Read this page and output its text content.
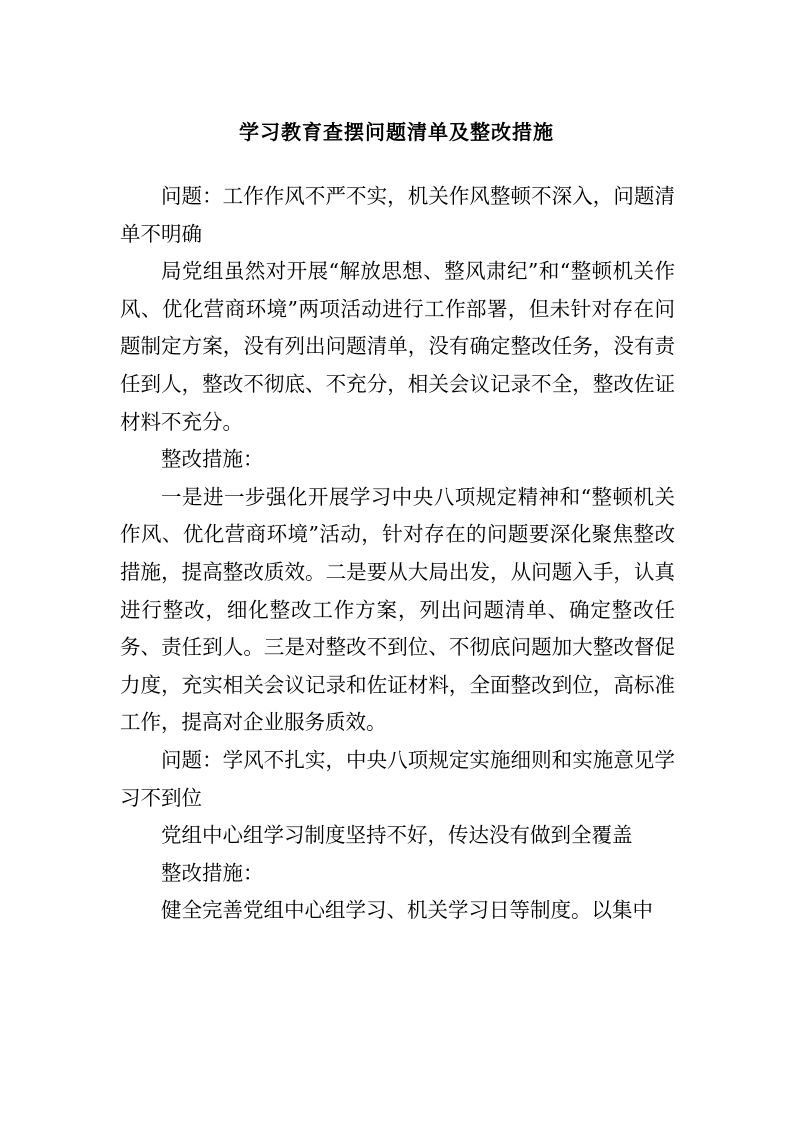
学习教育查摆问题清单及整改措施

问题：工作作风不严不实，机关作风整顿不深入，问题清单不明确

局党组虽然对开展“解放思想、整风肃纪”和“整顿机关作风、优化营商环境”两项活动进行工作部署，但未针对存在问题制定方案，没有列出问题清单，没有确定整改任务，没有责任到人，整改不彻底、不充分，相关会议记录不全，整改佐证材料不充分。

整改措施：

一是进一步强化开展学习中央八项规定精神和“整顿机关作风、优化营商环境”活动，针对存在的问题要深化聚焦整改措施，提高整改质效。二是要从大局出发，从问题入手，认真进行整改，细化整改工作方案，列出问题清单、确定整改任务、责任到人。三是对整改不到位、不彻底问题加大整改督促力度，充实相关会议记录和佐证材料，全面整改到位，高标准工作，提高对企业服务质效。

问题：学风不扎实，中央八项规定实施细则和实施意见学习不到位

党组中心组学习制度坚持不好，传达没有做到全覆盖

整改措施：

健全完善党组中心组学习、机关学习日等制度。以集中
